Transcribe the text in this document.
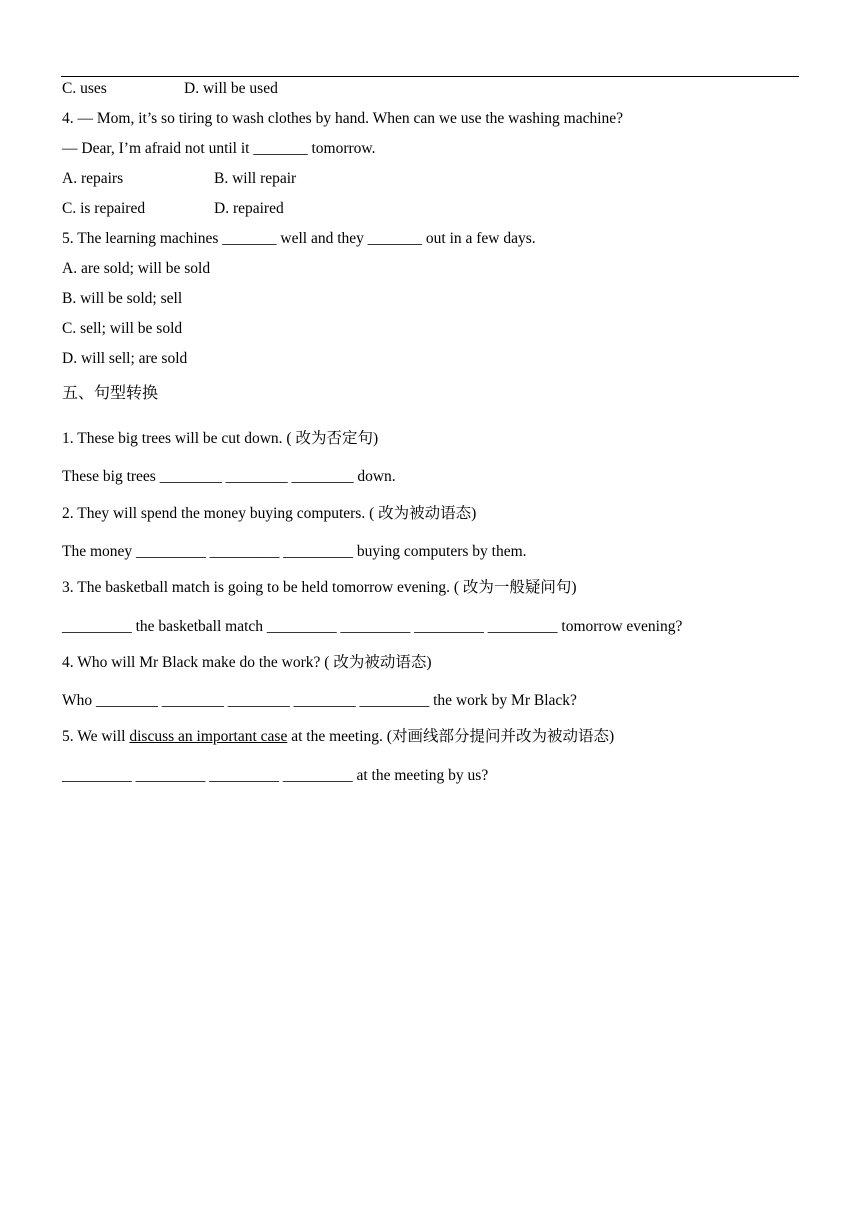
C. uses	D. will be used
4. — Mom, it’s so tiring to wash clothes by hand. When can we use the washing machine?
— Dear, I’m afraid not until it _______ tomorrow.
A. repairs	B. will repair
C. is repaired	D. repaired
5. The learning machines _______ well and they _______ out in a few days.
A. are sold; will be sold
B. will be sold; sell
C. sell; will be sold
D. will sell; are sold
五、句型转换
1. These big trees will be cut down. ( 改为否定句)
These big trees ________ ________ ________ down.
2. They will spend the money buying computers. ( 改为被动语态)
The money _________ _________ _________ buying computers by them.
3. The basketball match is going to be held tomorrow evening. ( 改为一般疑问句)
_________ the basketball match _________ _________ _________ _________ tomorrow evening?
4. Who will Mr Black make do the work? ( 改为被动语态)
Who ________ ________ ________ ________ _________ the work by Mr Black?
5. We will discuss an important case at the meeting. (对画线部分提问并改为被动语态)
_________ _________ _________ _________ at the meeting by us?
